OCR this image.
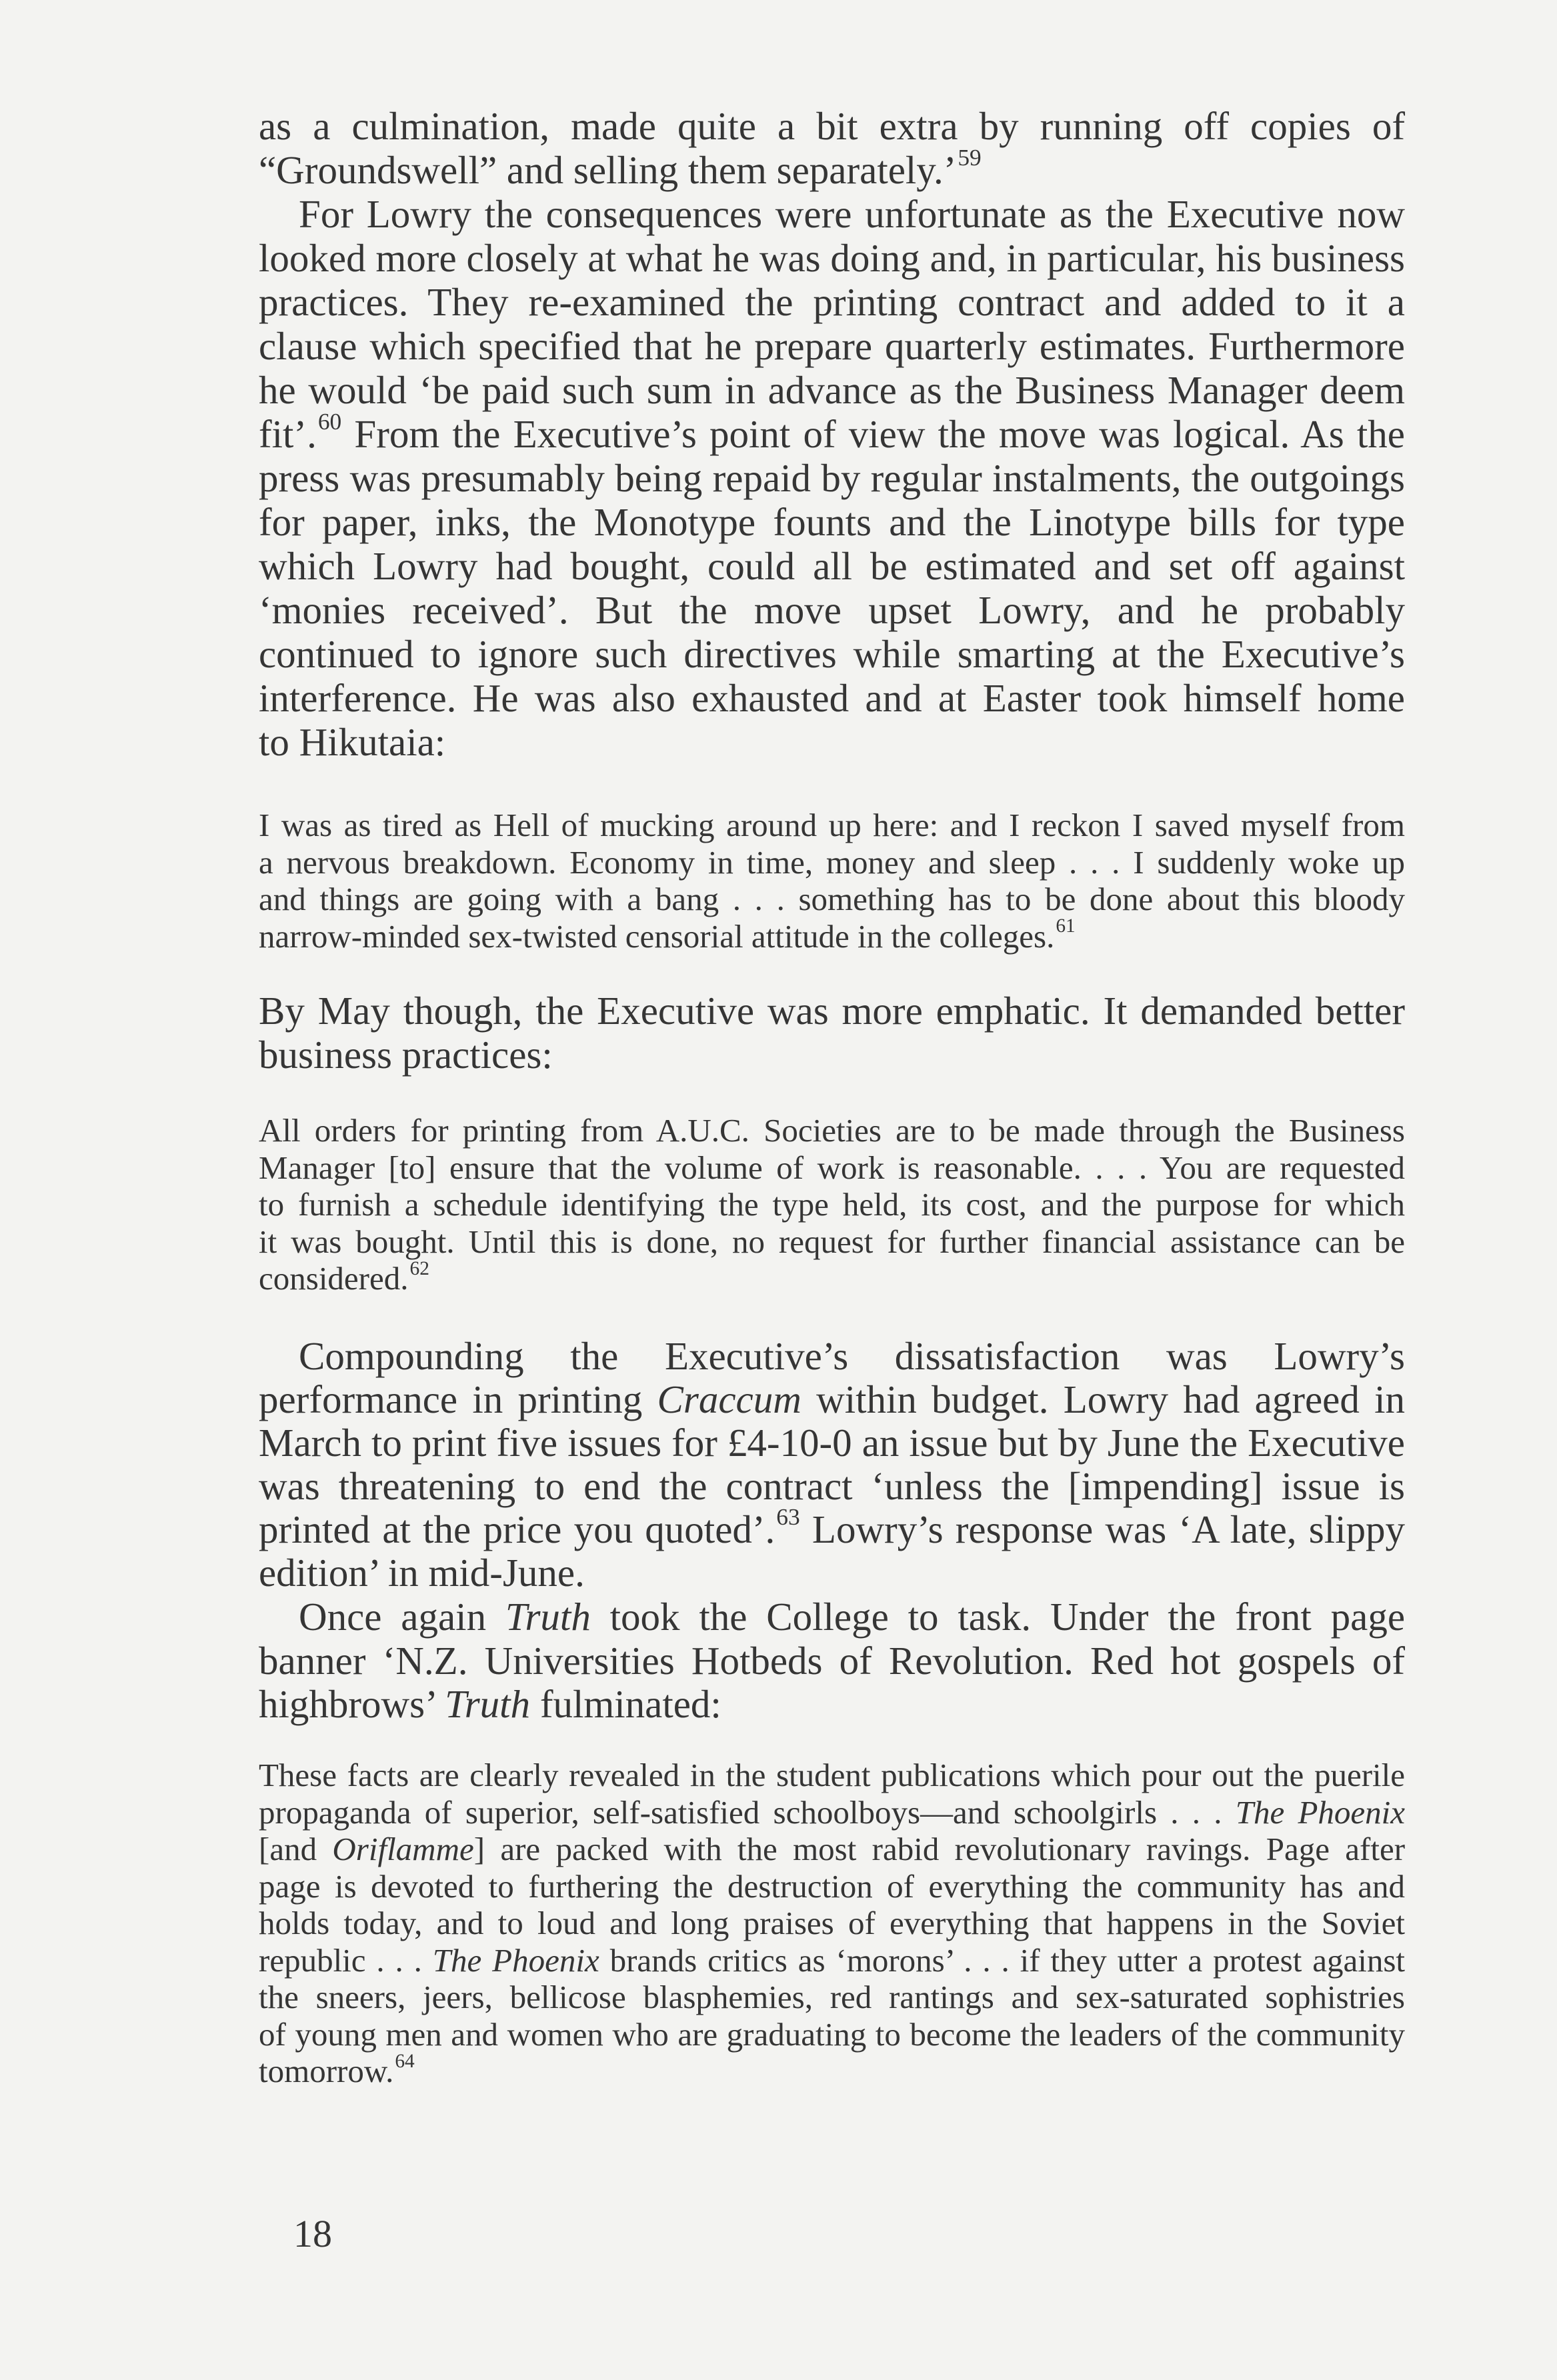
as a culmination, made quite a bit extra by running off copies of
“Groundswell” and selling them separately.’$^{59}$
For Lowry the consequences were unfortunate as the Executive now
looked more closely at what he was doing and, in particular, his business
practices. They re-examined the printing contract and added to it a
clause which specified that he prepare quarterly estimates. Furthermore
he would ‘be paid such sum in advance as the Business Manager deem
fit’.$^{60}$ From the Executive’s point of view the move was logical. As the
press was presumably being repaid by regular instalments, the outgoings
for paper, inks, the Monotype founts and the Linotype bills for type
which Lowry had bought, could all be estimated and set off against
‘monies received’. But the move upset Lowry, and he probably
continued to ignore such directives while smarting at the Executive’s
interference. He was also exhausted and at Easter took himself home
to Hikutaia:
I was as tired as Hell of mucking around up here: and I reckon I saved myself from
a nervous breakdown. Economy in time, money and sleep . . . I suddenly woke up
and things are going with a bang . . . something has to be done about this bloody
narrow-minded sex-twisted censorial attitude in the colleges.$^{61}$
By May though, the Executive was more emphatic. It demanded better
business practices:
All orders for printing from A.U.C. Societies are to be made through the Business
Manager [to] ensure that the volume of work is reasonable. . . . You are requested
to furnish a schedule identifying the type held, its cost, and the purpose for which
it was bought. Until this is done, no request for further financial assistance can be
considered.$^{62}$
Compounding the Executive’s dissatisfaction was Lowry’s
performance in printing Craccum within budget. Lowry had agreed in
March to print five issues for £4-10-0 an issue but by June the Executive
was threatening to end the contract ‘unless the [impending] issue is
printed at the price you quoted’.$^{63}$ Lowry’s response was ‘A late, slippy
edition’ in mid-June.
Once again Truth took the College to task. Under the front page
banner ‘N.Z. Universities Hotbeds of Revolution. Red hot gospels of
highbrows’ Truth fulminated:
These facts are clearly revealed in the student publications which pour out the puerile
propaganda of superior, self-satisfied schoolboys—and schoolgirls . . . The Phoenix
[and Oriflamme] are packed with the most rabid revolutionary ravings. Page after
page is devoted to furthering the destruction of everything the community has and
holds today, and to loud and long praises of everything that happens in the Soviet
republic . . . The Phoenix brands critics as ‘morons’ . . . if they utter a protest against
the sneers, jeers, bellicose blasphemies, red rantings and sex-saturated sophistries
of young men and women who are graduating to become the leaders of the community
tomorrow.$^{64}$
18
